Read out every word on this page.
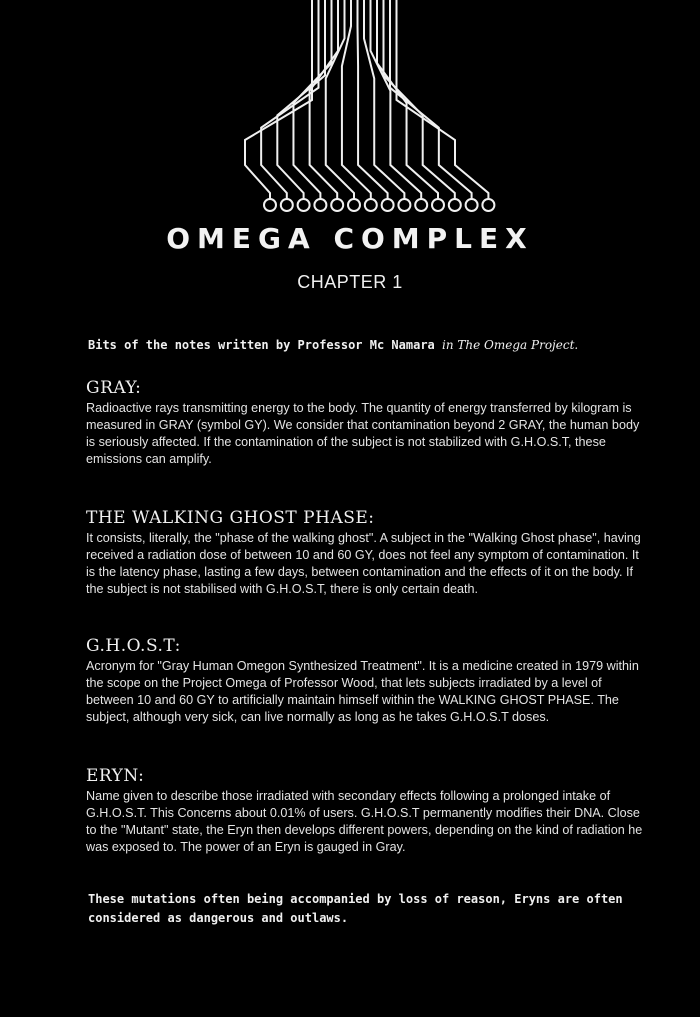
OMEGA COMPLEX
CHAPTER 1
Bits of the notes written by Professor Mc Namara in The Omega Project.
GRAY:

Radioactive rays transmitting energy to the body. The quantity of energy transferred by kilogram is measured in GRAY (symbol GY). We consider that contamination beyond 2 GRAY, the human body is seriously affected. If the contamination of the subject is not stabilized with G.H.O.S.T, these emissions can amplify.

THE WALKING GHOST PHASE:

It consists, literally, the "phase of the walking ghost". A subject in the "Walking Ghost phase", having received a radiation dose of between 10 and 60 GY, does not feel any symptom of contamination. It is the latency phase, lasting a few days, between contamination and the effects of it on the body. If the subject is not stabilised with G.H.O.S.T, there is only certain death.

G.H.O.S.T:

Acronym for "Gray Human Omegon Synthesized Treatment". It is a medicine created in 1979 within the scope on the Project Omega of Professor Wood, that lets subjects irradiated by a level of between 10 and 60 GY to artificially maintain himself within the WALKING GHOST PHASE. The subject, although very sick, can live normally as long as he takes G.H.O.S.T doses.

ERYN:

Name given to describe those irradiated with secondary effects following a prolonged intake of G.H.O.S.T. This Concerns about 0.01% of users. G.H.O.S.T permanently modifies their DNA. Close to the "Mutant" state, the Eryn then develops different powers, depending on the kind of radiation he was exposed to. The power of an Eryn is gauged in Gray.

These mutations often being accompanied by loss of reason, Eryns are often considered as dangerous and outlaws.
